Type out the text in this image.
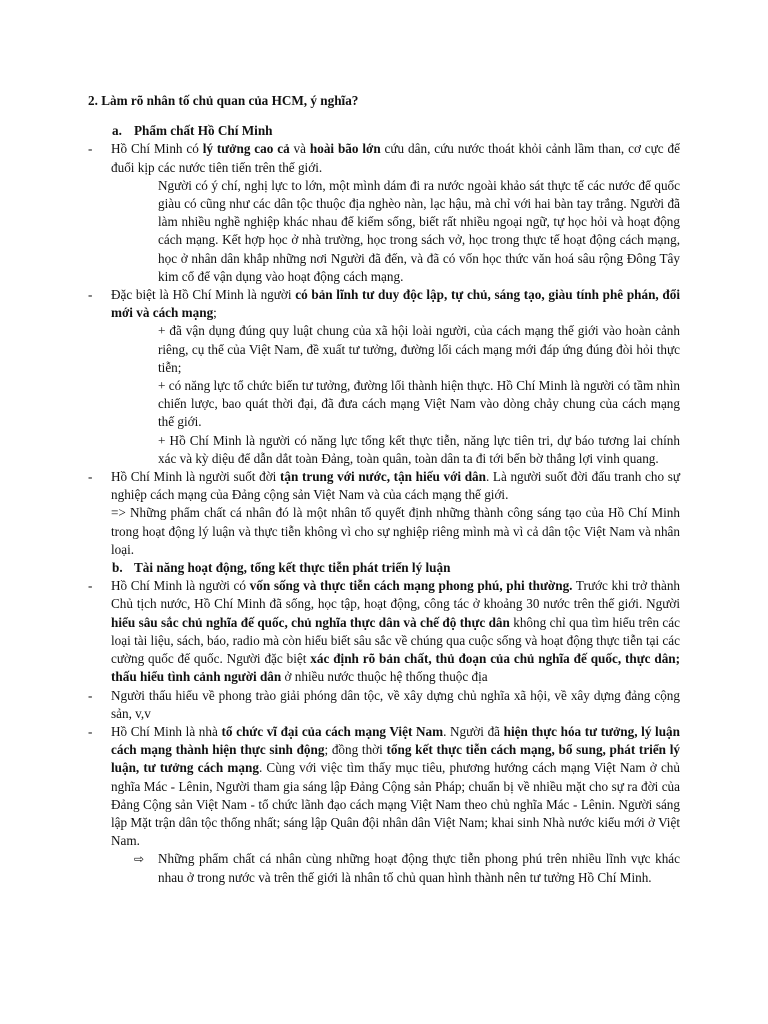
2. Làm rõ nhân tố chủ quan của HCM, ý nghĩa?
a. Phẩm chất Hồ Chí Minh
- Hồ Chí Minh có lý tưởng cao cả và hoài bão lớn cứu dân, cứu nước thoát khỏi cảnh lầm than, cơ cực để đuổi kịp các nước tiên tiến trên thế giới.
Người có ý chí, nghị lực to lớn, một mình dám đi ra nước ngoài khảo sát thực tế các nước để quốc giàu có cũng như các dân tộc thuộc địa nghèo nàn, lạc hậu, mà chỉ với hai bàn tay trắng. Người đã làm nhiều nghề nghiệp khác nhau để kiếm sống, biết rất nhiều ngoại ngữ, tự học hỏi và hoạt động cách mạng. Kết hợp học ở nhà trường, học trong sách vở, học trong thực tế hoạt động cách mạng, học ở nhân dân khắp những nơi Người đã đến, và đã có vốn học thức văn hoá sâu rộng Đông Tây kim cổ để vận dụng vào hoạt động cách mạng.
- Đặc biệt là Hồ Chí Minh là người có bản lĩnh tư duy độc lập, tự chủ, sáng tạo, giàu tính phê phán, đổi mới và cách mạng;
+ đã vận dụng đúng quy luật chung của xã hội loài người, của cách mạng thế giới vào hoàn cảnh riêng, cụ thể của Việt Nam, đề xuất tư tưởng, đường lối cách mạng mới đáp ứng đúng đòi hỏi thực tiễn;
+ có năng lực tổ chức biến tư tưởng, đường lối thành hiện thực. Hồ Chí Minh là người có tầm nhìn chiến lược, bao quát thời đại, đã đưa cách mạng Việt Nam vào dòng chảy chung của cách mạng thế giới.
+ Hồ Chí Minh là người có năng lực tổng kết thực tiễn, năng lực tiên tri, dự báo tương lai chính xác và kỳ diệu để dẫn dắt toàn Đảng, toàn quân, toàn dân ta đi tới bến bờ thắng lợi vinh quang.
- Hồ Chí Minh là người suốt đời tận trung với nước, tận hiếu với dân. Là người suốt đời đấu tranh cho sự nghiệp cách mạng của Đảng cộng sản Việt Nam và của cách mạng thế giới.
=> Những phẩm chất cá nhân đó là một nhân tố quyết định những thành công sáng tạo của Hồ Chí Minh trong hoạt động lý luận và thực tiễn không vì cho sự nghiệp riêng mình mà vì cả dân tộc Việt Nam và nhân loại.
b. Tài năng hoạt động, tổng kết thực tiễn phát triển lý luận
- Hồ Chí Minh là người có vốn sống và thực tiễn cách mạng phong phú, phi thường. Trước khi trở thành Chủ tịch nước, Hồ Chí Minh đã sống, học tập, hoạt động, công tác ở khoảng 30 nước trên thế giới. Người hiểu sâu sắc chủ nghĩa đế quốc, chủ nghĩa thực dân và chế độ thực dân không chỉ qua tìm hiểu trên các loại tài liệu, sách, báo, radio mà còn hiểu biết sâu sắc về chúng qua cuộc sống và hoạt động thực tiễn tại các cường quốc đế quốc. Người đặc biệt xác định rõ bản chất, thủ đoạn của chủ nghĩa đế quốc, thực dân; thấu hiểu tình cảnh người dân ở nhiều nước thuộc hệ thống thuộc địa
- Người thấu hiểu về phong trào giải phóng dân tộc, về xây dựng chủ nghĩa xã hội, về xây dựng đảng cộng sản, v,v
- Hồ Chí Minh là nhà tổ chức vĩ đại của cách mạng Việt Nam. Người đã hiện thực hóa tư tưởng, lý luận cách mạng thành hiện thực sinh động; đồng thời tổng kết thực tiễn cách mạng, bổ sung, phát triển lý luận, tư tưởng cách mạng. Cùng với việc tìm thấy mục tiêu, phương hướng cách mạng Việt Nam ở chủ nghĩa Mác - Lênin, Người tham gia sáng lập Đảng Cộng sản Pháp; chuẩn bị về nhiều mặt cho sự ra đời của Đảng Cộng sản Việt Nam - tổ chức lãnh đạo cách mạng Việt Nam theo chủ nghĩa Mác - Lênin. Người sáng lập Mặt trận dân tộc thống nhất; sáng lập Quân đội nhân dân Việt Nam; khai sinh Nhà nước kiểu mới ở Việt Nam.
⇨ Những phẩm chất cá nhân cùng những hoạt động thực tiễn phong phú trên nhiều lĩnh vực khác nhau ở trong nước và trên thế giới là nhân tố chủ quan hình thành nên tư tưởng Hồ Chí Minh.
